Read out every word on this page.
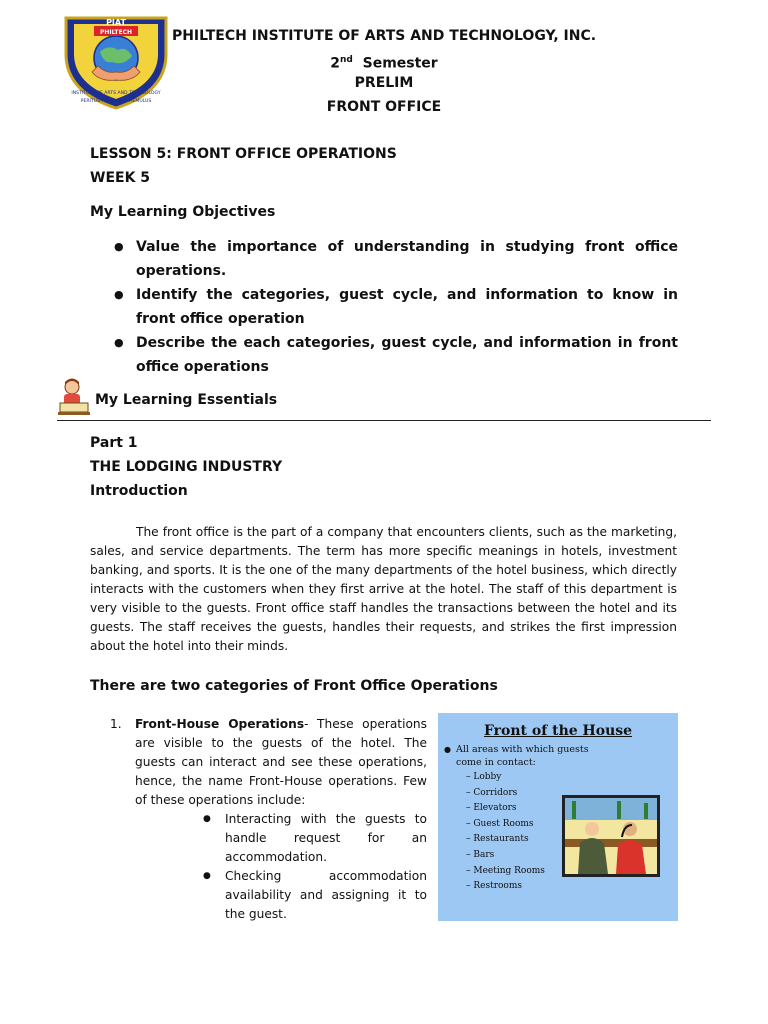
PIAT
PHILTECH
INSTITUTE OF ARTS AND TECHNOLOGY
PERITUS APPARATUS AEMULUS
PHILTECH INSTITUTE OF ARTS AND TECHNOLOGY, INC.
2nd Semester
PRELIM
FRONT OFFICE
LESSON 5: FRONT OFFICE OPERATIONS
WEEK 5
My Learning Objectives
● Value the importance of understanding in studying front office operations.
● Identify the categories, guest cycle, and information to know in front office operation
● Describe the each categories, guest cycle, and information in front office operations
My Learning Essentials
Part 1
THE LODGING INDUSTRY
Introduction
The front office is the part of a company that encounters clients, such as the marketing, sales, and service departments. The term has more specific meanings in hotels, investment banking, and sports. It is the one of the many departments of the hotel business, which directly interacts with the customers when they first arrive at the hotel. The staff of this department is very visible to the guests. Front office staff handles the transactions between the hotel and its guests. The staff receives the guests, handles their requests, and strikes the first impression about the hotel into their minds.
There are two categories of Front Office Operations
1. Front-House Operations- These operations are visible to the guests of the hotel. The guests can interact and see these operations, hence, the name Front-House operations. Few of these operations include:
● Interacting with the guests to handle request for an accommodation.
● Checking accommodation availability and assigning it to the guest.
Front of the House
● All areas with which guests come in contact:
– Lobby
– Corridors
– Elevators
– Guest Rooms
– Restaurants
– Bars
– Meeting Rooms
– Restrooms
